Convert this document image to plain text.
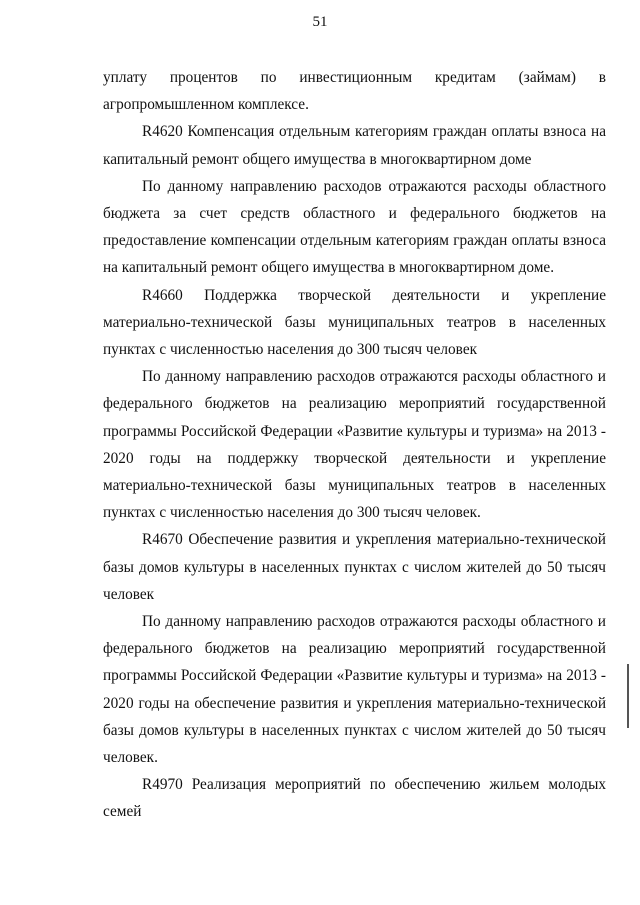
51

уплату процентов по инвестиционным кредитам (займам) в агропромышленном комплексе.

R4620 Компенсация отдельным категориям граждан оплаты взноса на капитальный ремонт общего имущества в многоквартирном доме

По данному направлению расходов отражаются расходы областного бюджета за счет средств областного и федерального бюджетов на предоставление компенсации отдельным категориям граждан оплаты взноса на капитальный ремонт общего имущества в многоквартирном доме.

R4660 Поддержка творческой деятельности и укрепление материально-технической базы муниципальных театров в населенных пунктах с численностью населения до 300 тысяч человек

По данному направлению расходов отражаются расходы областного и федерального бюджетов на реализацию мероприятий государственной программы Российской Федерации «Развитие культуры и туризма» на 2013 - 2020 годы на поддержку творческой деятельности и укрепление материально-технической базы муниципальных театров в населенных пунктах с численностью населения до 300 тысяч человек.

R4670 Обеспечение развития и укрепления материально-технической базы домов культуры в населенных пунктах с числом жителей до 50 тысяч человек

По данному направлению расходов отражаются расходы областного и федерального бюджетов на реализацию мероприятий государственной программы Российской Федерации «Развитие культуры и туризма» на 2013 - 2020 годы на обеспечение развития и укрепления материально-технической базы домов культуры в населенных пунктах с числом жителей до 50 тысяч человек.

R4970 Реализация мероприятий по обеспечению жильем молодых семей
